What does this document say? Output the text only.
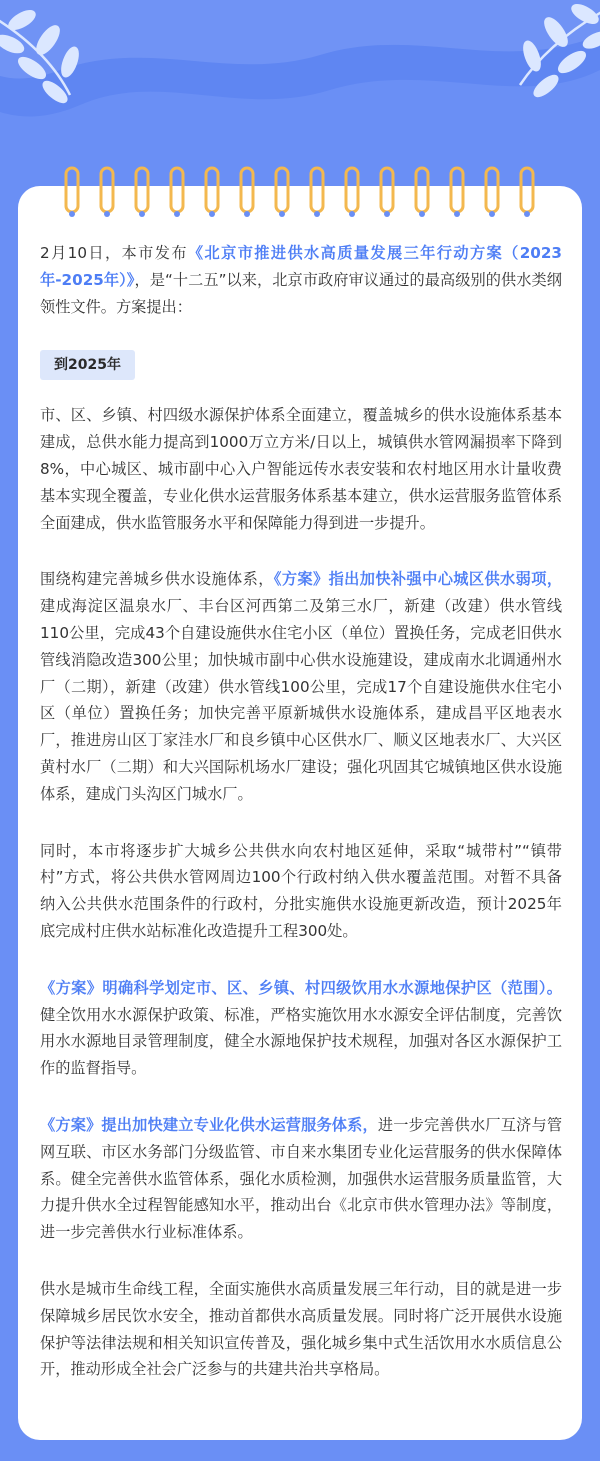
2月10日，本市发布《北京市推进供水高质量发展三年行动方案（2023年-2025年）》，是“十二五”以来，北京市政府审议通过的最高级别的供水类纲领性文件。方案提出：

到2025年

市、区、乡镇、村四级水源保护体系全面建立，覆盖城乡的供水设施体系基本建成，总供水能力提高到1000万立方米/日以上，城镇供水管网漏损率下降到8%，中心城区、城市副中心入户智能远传水表安装和农村地区用水计量收费基本实现全覆盖，专业化供水运营服务体系基本建立，供水运营服务监管体系全面建成，供水监管服务水平和保障能力得到进一步提升。

围绕构建完善城乡供水设施体系，《方案》指出加快补强中心城区供水弱项，建成海淀区温泉水厂、丰台区河西第二及第三水厂，新建（改建）供水管线110公里，完成43个自建设施供水住宅小区（单位）置换任务，完成老旧供水管线消隐改造300公里；加快城市副中心供水设施建设，建成南水北调通州水厂（二期），新建（改建）供水管线100公里，完成17个自建设施供水住宅小区（单位）置换任务；加快完善平原新城供水设施体系，建成昌平区地表水厂，推进房山区丁家洼水厂和良乡镇中心区供水厂、顺义区地表水厂、大兴区黄村水厂（二期）和大兴国际机场水厂建设；强化巩固其它城镇地区供水设施体系，建成门头沟区门城水厂。

同时，本市将逐步扩大城乡公共供水向农村地区延伸，采取“城带村”“镇带村”方式，将公共供水管网周边100个行政村纳入供水覆盖范围。对暂不具备纳入公共供水范围条件的行政村，分批实施供水设施更新改造，预计2025年底完成村庄供水站标准化改造提升工程300处。

《方案》明确科学划定市、区、乡镇、村四级饮用水水源地保护区（范围）。健全饮用水水源保护政策、标准，严格实施饮用水水源安全评估制度，完善饮用水水源地目录管理制度，健全水源地保护技术规程，加强对各区水源保护工作的监督指导。

《方案》提出加快建立专业化供水运营服务体系，进一步完善供水厂互济与管网互联、市区水务部门分级监管、市自来水集团专业化运营服务的供水保障体系。健全完善供水监管体系，强化水质检测，加强供水运营服务质量监管，大力提升供水全过程智能感知水平，推动出台《北京市供水管理办法》等制度，进一步完善供水行业标准体系。

供水是城市生命线工程，全面实施供水高质量发展三年行动，目的就是进一步保障城乡居民饮水安全，推动首都供水高质量发展。同时将广泛开展供水设施保护等法律法规和相关知识宣传普及，强化城乡集中式生活饮用水水质信息公开，推动形成全社会广泛参与的共建共治共享格局。
